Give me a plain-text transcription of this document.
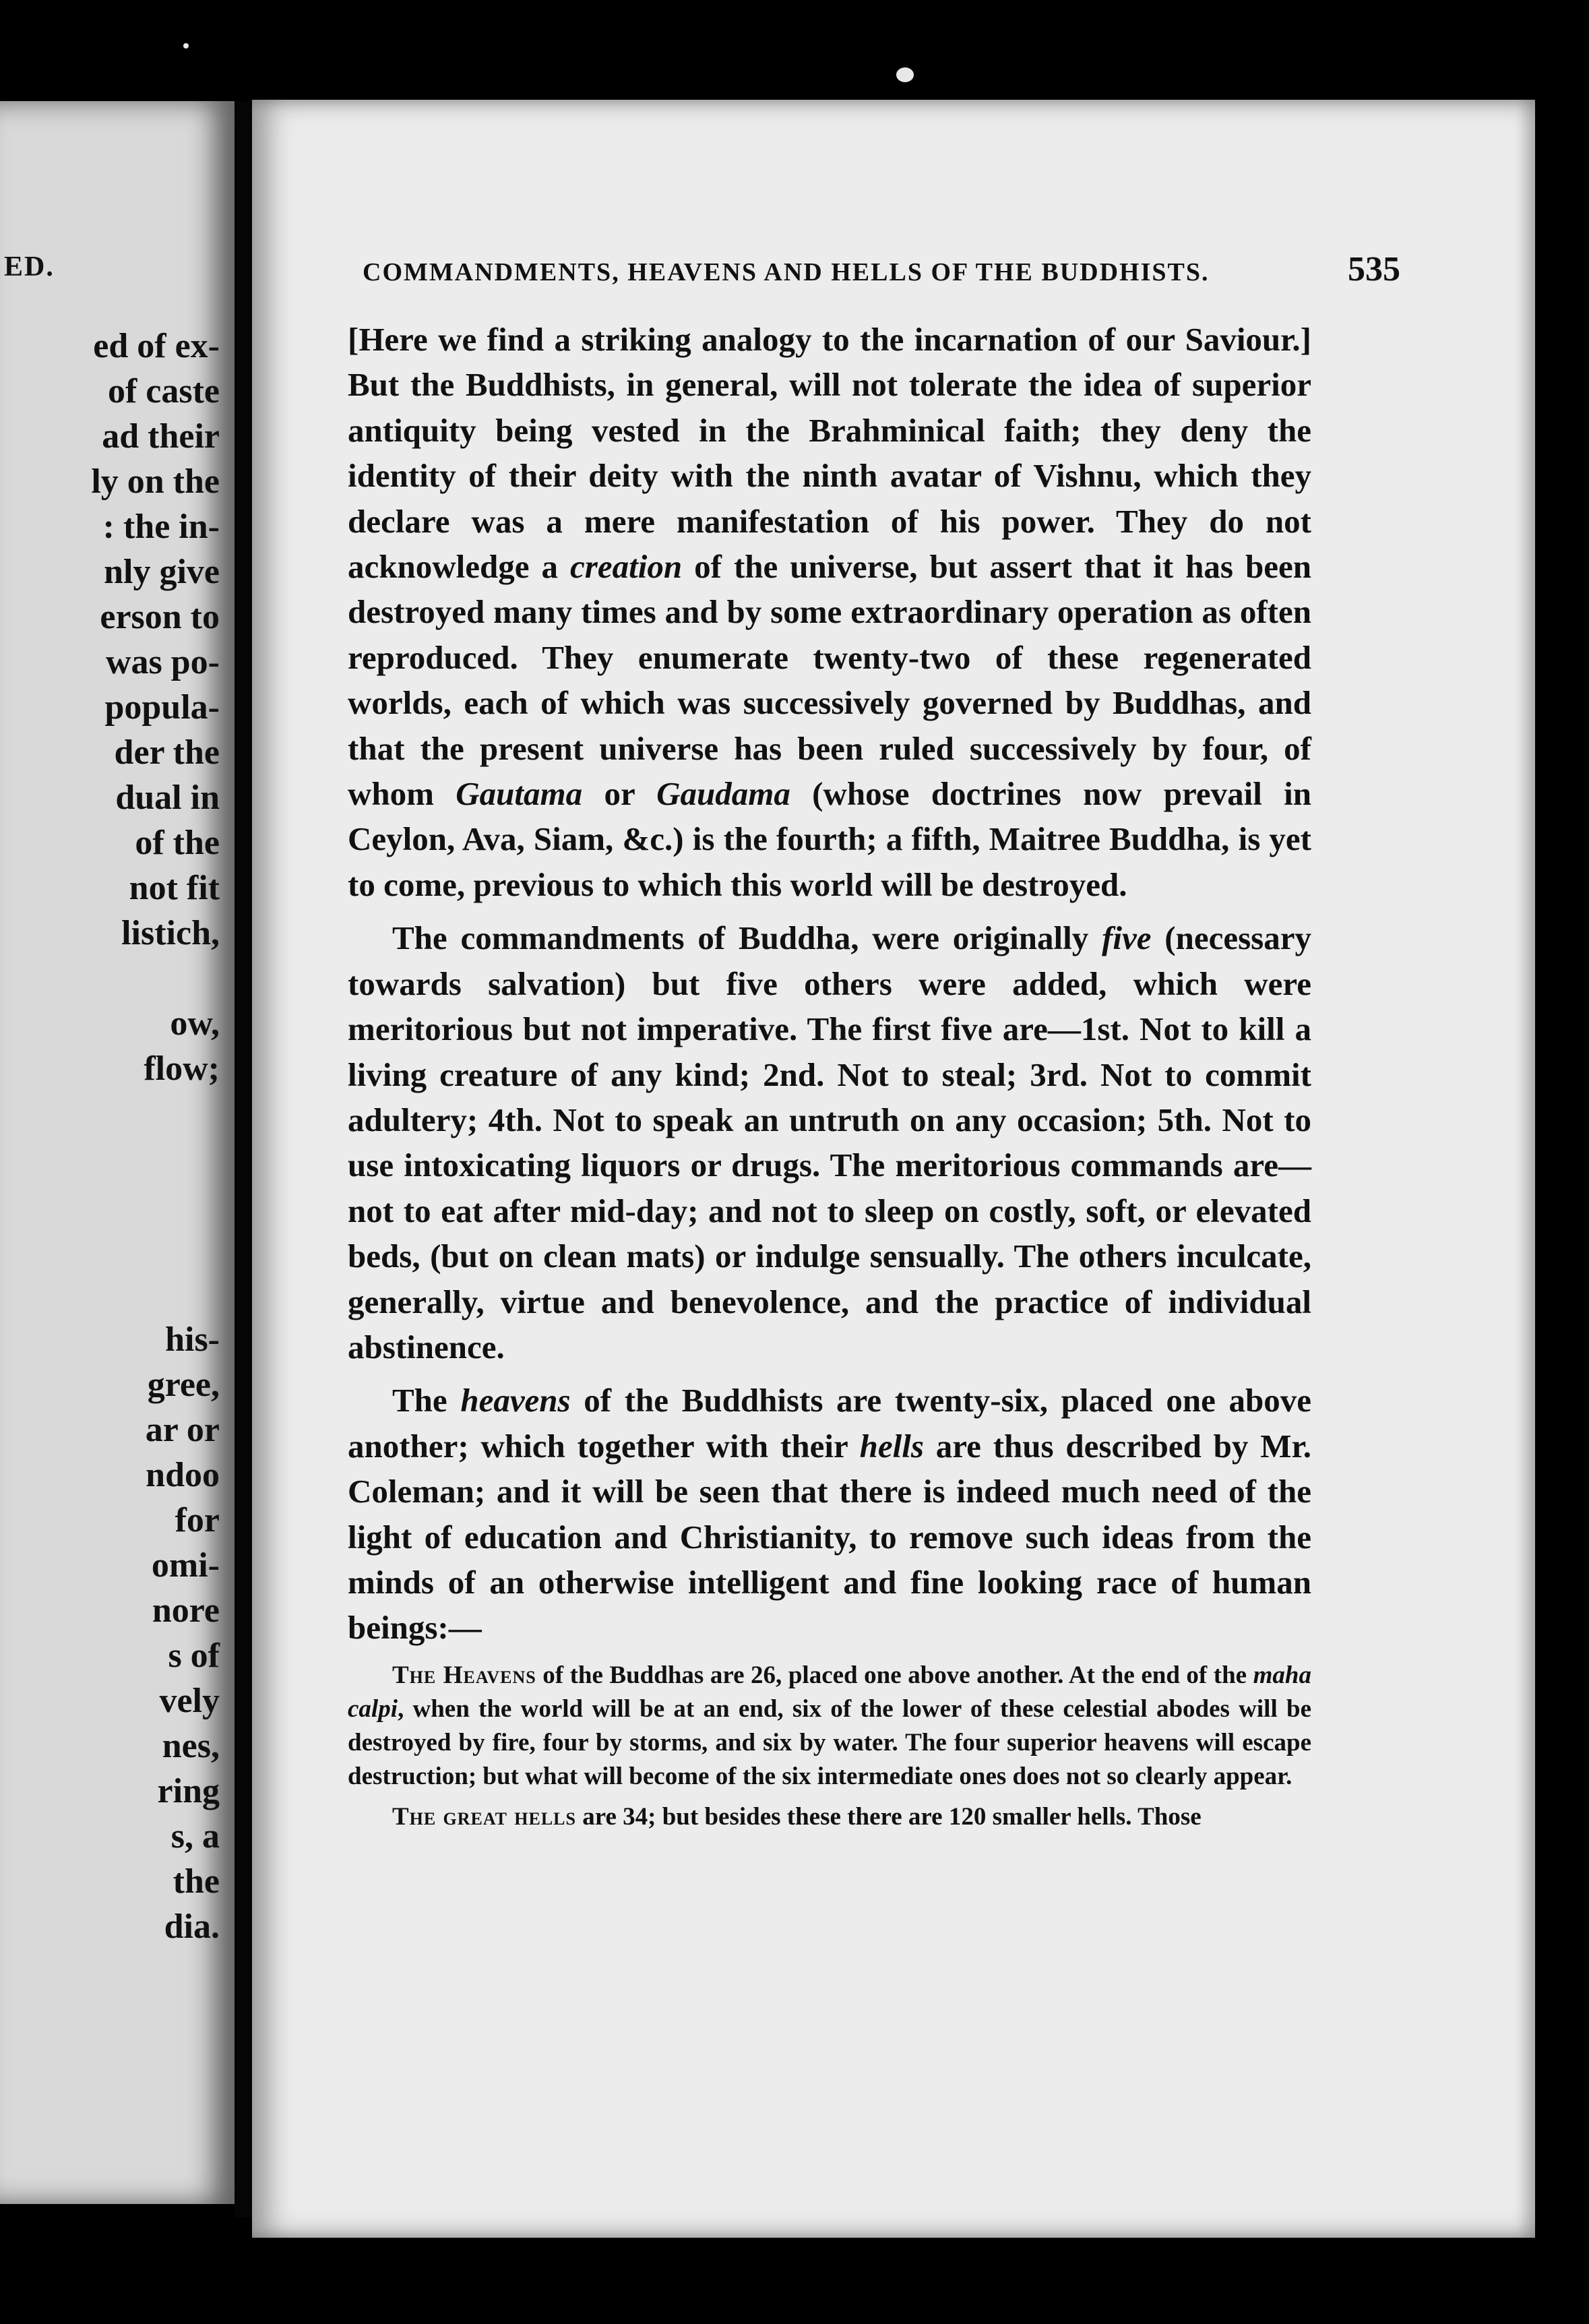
ED.
ed of ex-
of caste
ad their
ly on the
: the in-
nly give
erson to
was po-
popula-
der the
dual in
of the
not fit
listich,

ow,
flow;

his-
gree,
ar or
ndoo
for
omi-
nore
s of
vely
nes,
ring
s, a
the
dia.
COMMANDMENTS, HEAVENS AND HELLS OF THE BUDDHISTS.	535

[Here we find a striking analogy to the incarnation of our Saviour.] But the Buddhists, in general, will not tolerate the idea of superior antiquity being vested in the Brahminical faith; they deny the identity of their deity with the ninth avatar of Vishnu, which they declare was a mere manifestation of his power. They do not acknowledge a creation of the universe, but assert that it has been destroyed many times and by some extraordinary operation as often reproduced. They enumerate twenty-two of these regenerated worlds, each of which was successively governed by Buddhas, and that the present universe has been ruled successively by four, of whom Gautama or Gaudama (whose doctrines now prevail in Ceylon, Ava, Siam, &c.) is the fourth; a fifth, Maitree Buddha, is yet to come, previous to which this world will be destroyed.

The commandments of Buddha, were originally five (necessary towards salvation) but five others were added, which were meritorious but not imperative. The first five are—1st. Not to kill a living creature of any kind; 2nd. Not to steal; 3rd. Not to commit adultery; 4th. Not to speak an untruth on any occasion; 5th. Not to use intoxicating liquors or drugs. The meritorious commands are—not to eat after mid-day; and not to sleep on costly, soft, or elevated beds, (but on clean mats) or indulge sensually. The others inculcate, generally, virtue and benevolence, and the practice of individual abstinence.

The heavens of the Buddhists are twenty-six, placed one above another; which together with their hells are thus described by Mr. Coleman; and it will be seen that there is indeed much need of the light of education and Christianity, to remove such ideas from the minds of an otherwise intelligent and fine looking race of human beings:—

The Heavens of the Buddhas are 26, placed one above another. At the end of the maha calpi, when the world will be at an end, six of the lower of these celestial abodes will be destroyed by fire, four by storms, and six by water. The four superior heavens will escape destruction; but what will become of the six intermediate ones does not so clearly appear.

The great hells are 34; but besides these there are 120 smaller hells. Those
